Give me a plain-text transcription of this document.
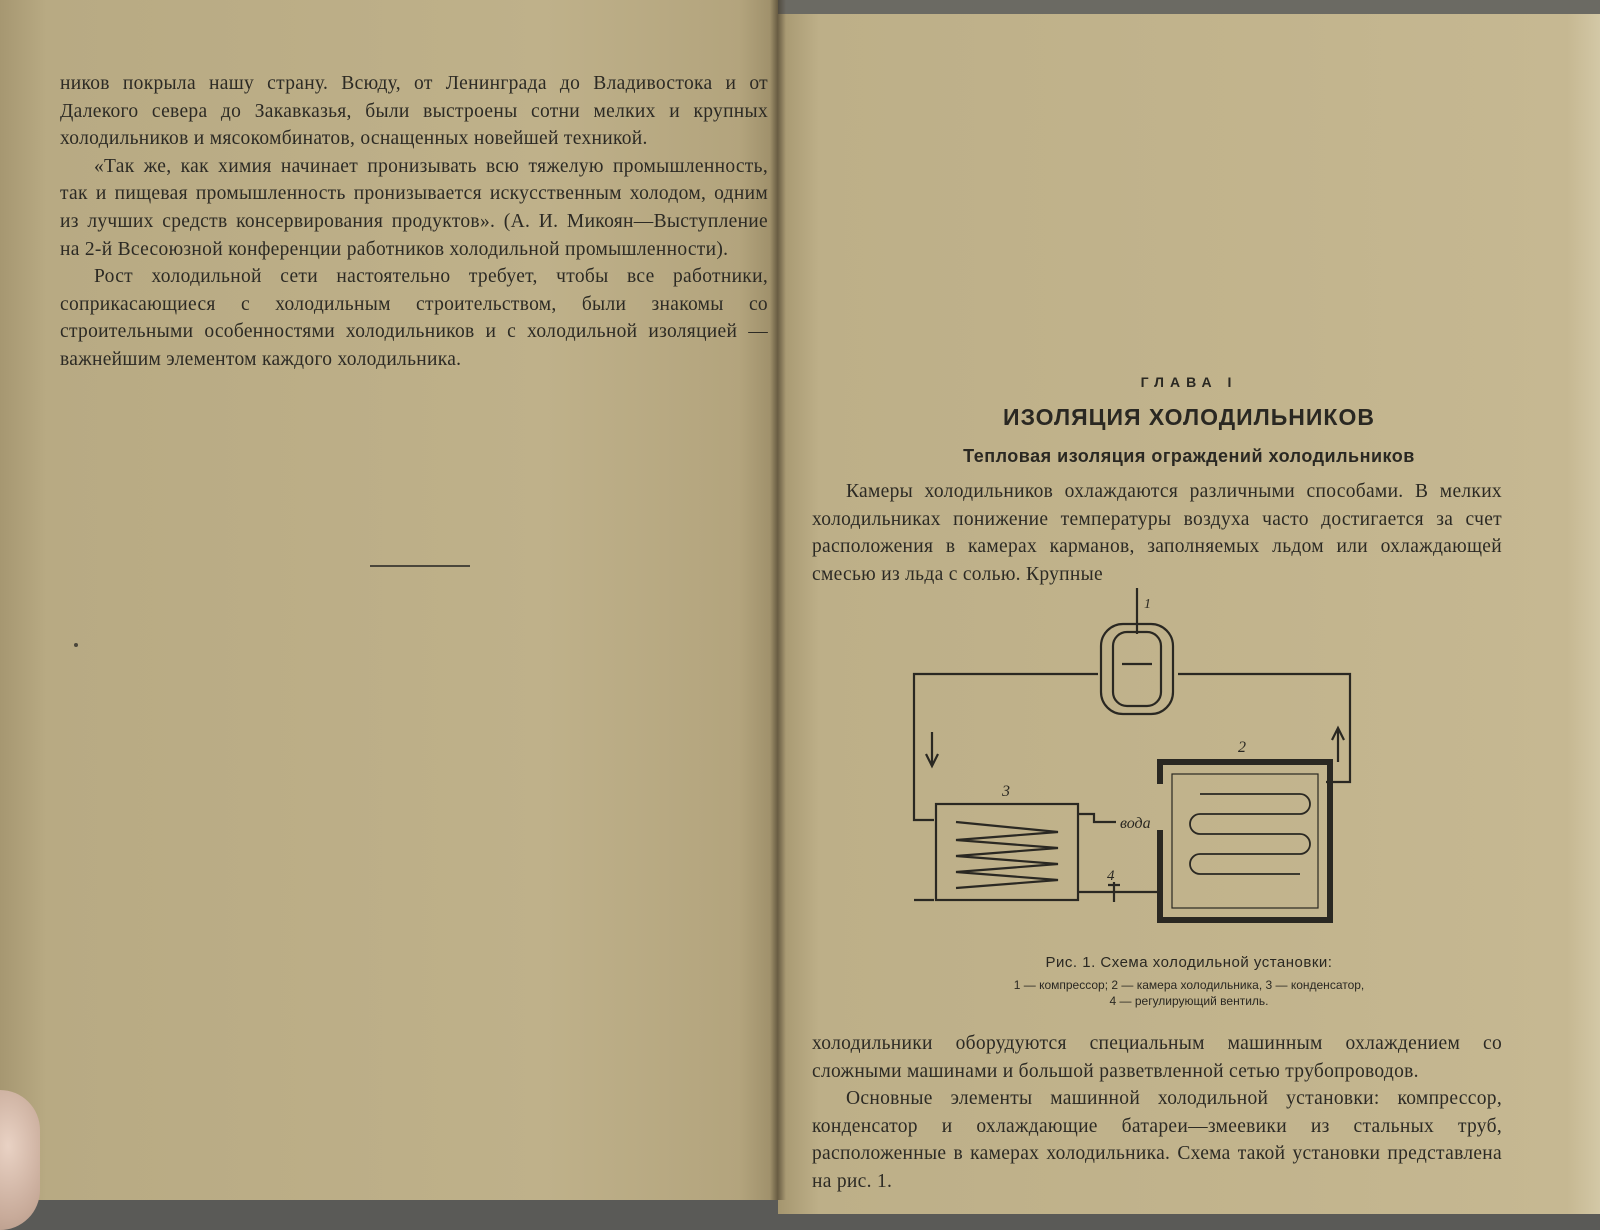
ников покрыла нашу страну. Всюду, от Ленинграда до Владивостока и от Далекого севера до Закавказья, были выстроены сотни мелких и крупных холодильников и мясокомбинатов, оснащенных новейшей техникой.

«Так же, как химия начинает пронизывать всю тяжелую промышленность, так и пищевая промышленность пронизывается искусственным холодом, одним из лучших средств консервирования продуктов». (А. И. Микоян—Выступление на 2-й Всесоюзной конференции работников холодильной промышленности).

Рост холодильной сети настоятельно требует, чтобы все работники, соприкасающиеся с холодильным строительством, были знакомы со строительными особенностями холодильников и с холодильной изоляцией — важнейшим элементом каждого холодильника.

ГЛАВА I
ИЗОЛЯЦИЯ ХОЛОДИЛЬНИКОВ
Тепловая изоляция ограждений холодильников

Камеры холодильников охлаждаются различными способами. В мелких холодильниках понижение температуры воздуха часто достигается за счет расположения в камерах карманов, заполняемых льдом или охлаждающей смесью из льда с солью. Крупные

1
2
3
4
вода
Рис. 1. Схема холодильной установки:
1 — компрессор; 2 — камера холодильника, 3 — конденсатор,
4 — регулирующий вентиль.

холодильники оборудуются специальным машинным охлаждением со сложными машинами и большой разветвленной сетью трубопроводов.

Основные элементы машинной холодильной установки: компрессор, конденсатор и охлаждающие батареи—змеевики из стальных труб, расположенные в камерах холодильника. Схема такой установки представлена на рис. 1.
